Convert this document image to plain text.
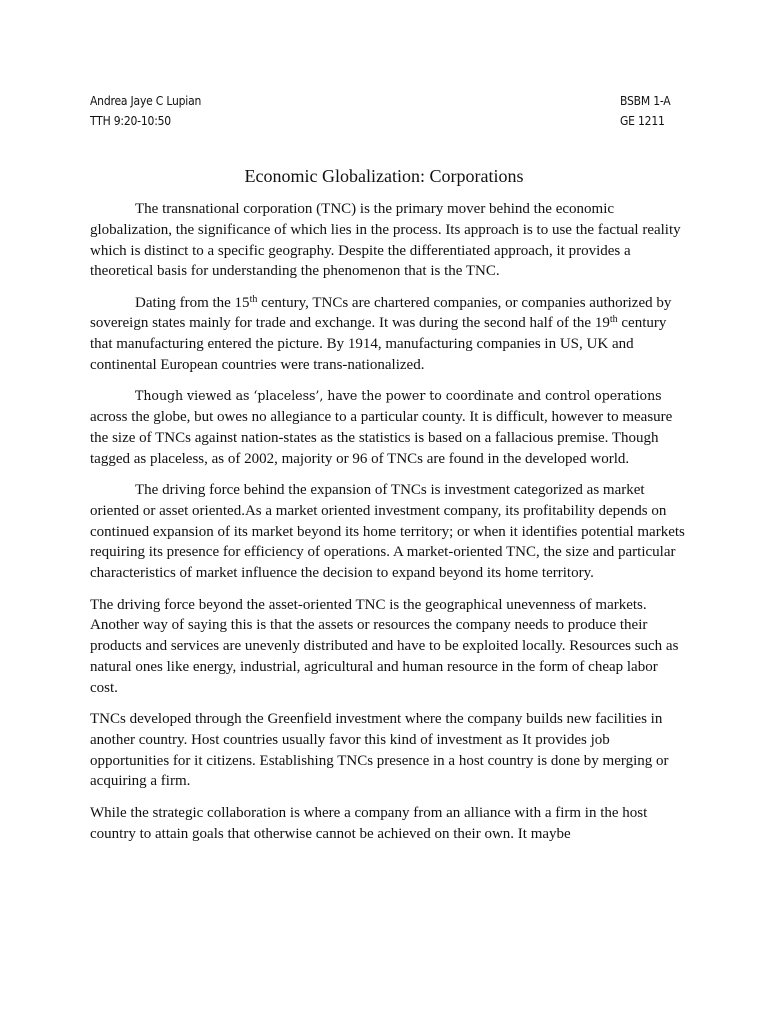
Andrea Jaye C Lupian
TTH 9:20-10:50
BSBM 1-A
GE 1211
Economic Globalization: Corporations

The transnational corporation (TNC) is the primary mover behind the economic globalization, the significance of which lies in the process. Its approach is to use the factual reality which is distinct to a specific geography. Despite the differentiated approach, it provides a theoretical basis for understanding the phenomenon that is the TNC.

Dating from the 15th century, TNCs are chartered companies, or companies authorized by sovereign states mainly for trade and exchange. It was during the second half of the 19th century that manufacturing entered the picture. By 1914, manufacturing companies in US, UK and continental European countries were trans-nationalized.

Though viewed as ‘placeless’, have the power to coordinate and control operations across the globe, but owes no allegiance to a particular county. It is difficult, however to measure the size of TNCs against nation-states as the statistics is based on a fallacious premise. Though tagged as placeless, as of 2002, majority or 96 of TNCs are found in the developed world.

The driving force behind the expansion of TNCs is investment categorized as market oriented or asset oriented.As a market oriented investment company, its profitability depends on continued expansion of its market beyond its home territory; or when it identifies potential markets requiring its presence for efficiency of operations. A market-oriented TNC, the size and particular characteristics of market influence the decision to expand beyond its home territory.

The driving force beyond the asset-oriented TNC is the geographical unevenness of markets. Another way of saying this is that the assets or resources the company needs to produce their products and services are unevenly distributed and have to be exploited locally. Resources such as natural ones like energy, industrial, agricultural and human resource in the form of cheap labor cost.

TNCs developed through the Greenfield investment where the company builds new facilities in another country. Host countries usually favor this kind of investment as It provides job opportunities for it citizens. Establishing TNCs presence in a host country is done by merging or acquiring a firm.

While the strategic collaboration is where a company from an alliance with a firm in the host country to attain goals that otherwise cannot be achieved on their own. It maybe
